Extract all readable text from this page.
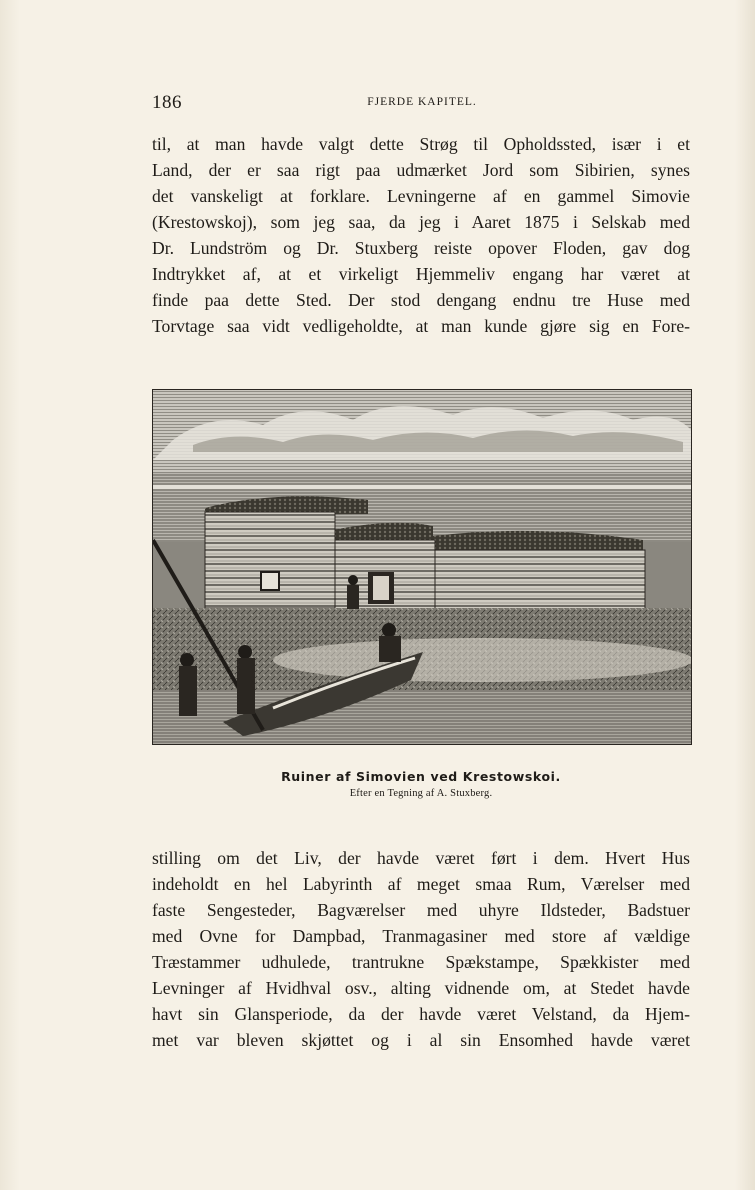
186	FJERDE KAPITEL.
til, at man havde valgt dette Strøg til Opholdssted, især i et
Land, der er saa rigt paa udmærket Jord som Sibirien, synes
det vanskeligt at forklare. Levningerne af en gammel Simovie
(Krestowskoj), som jeg saa, da jeg i Aaret 1875 i Selskab med
Dr. Lundström og Dr. Stuxberg reiste opover Floden, gav dog
Indtrykket af, at et virkeligt Hjemmeliv engang har været at
finde paa dette Sted. Der stod dengang endnu tre Huse med
Torvtage saa vidt vedligeholdte, at man kunde gjøre sig en Fore-
Ruiner af Simovien ved Krestowskoi.
Efter en Tegning af A. Stuxberg.
stilling om det Liv, der havde været ført i dem. Hvert Hus
indeholdt en hel Labyrinth af meget smaa Rum, Værelser med
faste Sengesteder, Bagværelser med uhyre Ildsteder, Badstuer
med Ovne for Dampbad, Tranmagasiner med store af vældige
Træstammer udhulede, trantrukne Spækstampe, Spækkister med
Levninger af Hvidhval osv., alting vidnende om, at Stedet havde
havt sin Glansperiode, da der havde været Velstand, da Hjem-
met var bleven skjøttet og i al sin Ensomhed havde været
